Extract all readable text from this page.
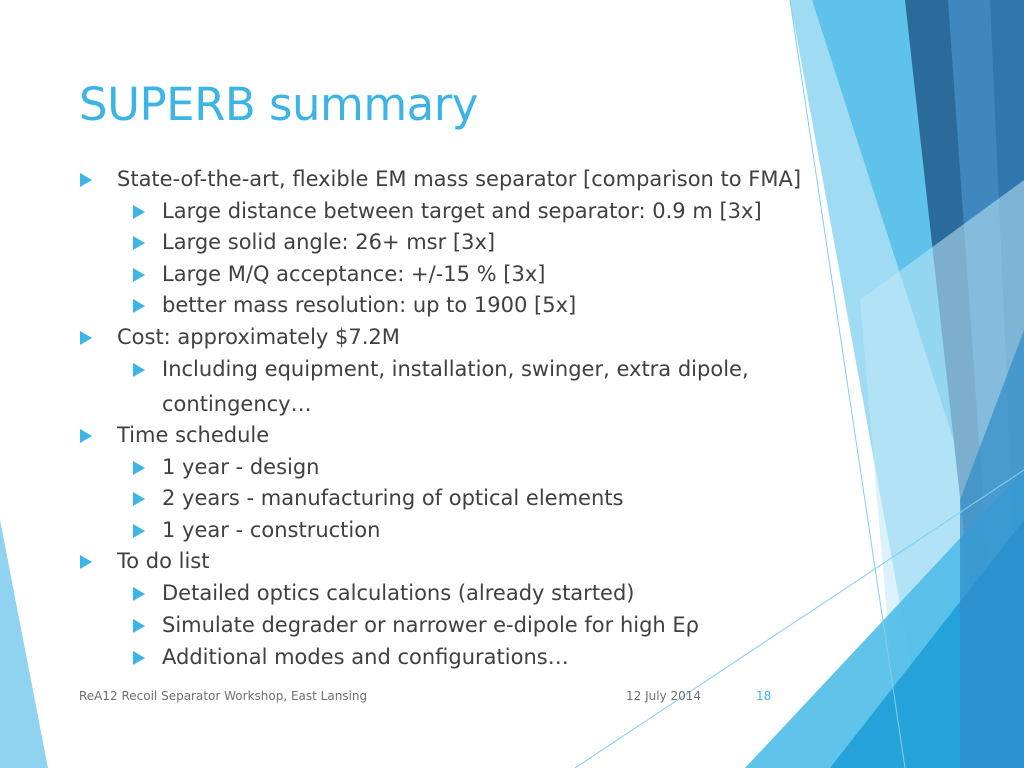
SUPERB summary
State-of-the-art, flexible EM mass separator [comparison to FMA]
Large distance between target and separator: 0.9 m [3x]
Large solid angle: 26+ msr [3x]
Large M/Q acceptance: +/-15 % [3x]
better mass resolution: up to 1900 [5x]
Cost: approximately $7.2M
Including equipment, installation, swinger, extra dipole,
contingency…
Time schedule
1 year - design
2 years - manufacturing of optical elements
1 year - construction
To do list
Detailed optics calculations (already started)
Simulate degrader or narrower e-dipole for high Eρ
Additional modes and configurations…
ReA12 Recoil Separator Workshop, East Lansing	12 July 2014	18
